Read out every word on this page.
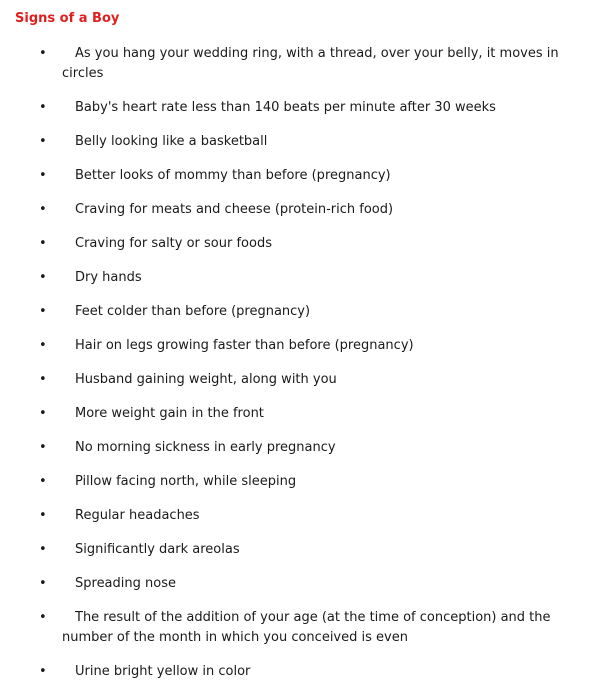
Signs of a Boy
• As you hang your wedding ring, with a thread, over your belly, it moves in circles
• Baby's heart rate less than 140 beats per minute after 30 weeks
• Belly looking like a basketball
• Better looks of mommy than before (pregnancy)
• Craving for meats and cheese (protein-rich food)
• Craving for salty or sour foods
• Dry hands
• Feet colder than before (pregnancy)
• Hair on legs growing faster than before (pregnancy)
• Husband gaining weight, along with you
• More weight gain in the front
• No morning sickness in early pregnancy
• Pillow facing north, while sleeping
• Regular headaches
• Significantly dark areolas
• Spreading nose
• The result of the addition of your age (at the time of conception) and the number of the month in which you conceived is even
• Urine bright yellow in color
